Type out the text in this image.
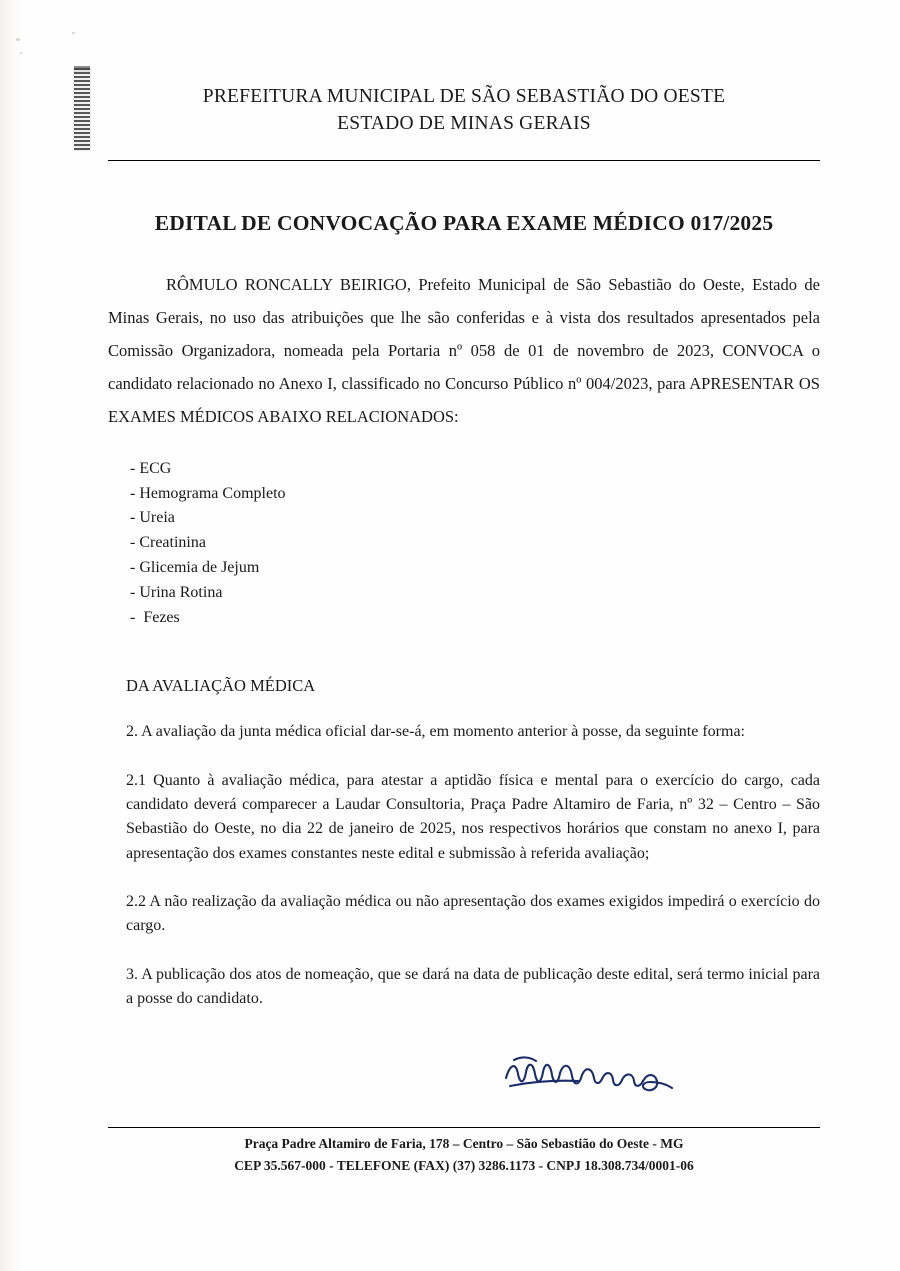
PREFEITURA MUNICIPAL DE SÃO SEBASTIÃO DO OESTE
ESTADO DE MINAS GERAIS
EDITAL DE CONVOCAÇÃO PARA EXAME MÉDICO 017/2025
RÔMULO RONCALLY BEIRIGO, Prefeito Municipal de São Sebastião do Oeste, Estado de Minas Gerais, no uso das atribuições que lhe são conferidas e à vista dos resultados apresentados pela Comissão Organizadora, nomeada pela Portaria nº 058 de 01 de novembro de 2023, CONVOCA o candidato relacionado no Anexo I, classificado no Concurso Público nº 004/2023, para APRESENTAR OS EXAMES MÉDICOS ABAIXO RELACIONADOS:
- ECG
- Hemograma Completo
- Ureia
- Creatinina
- Glicemia de Jejum
- Urina Rotina
-  Fezes
DA AVALIAÇÃO MÉDICA
2. A avaliação da junta médica oficial dar-se-á, em momento anterior à posse, da seguinte forma:
2.1 Quanto à avaliação médica, para atestar a aptidão física e mental para o exercício do cargo, cada candidato deverá comparecer a Laudar Consultoria, Praça Padre Altamiro de Faria, nº 32 – Centro – São Sebastião do Oeste, no dia 22 de janeiro de 2025, nos respectivos horários que constam no anexo I, para apresentação dos exames constantes neste edital e submissão à referida avaliação;
2.2 A não realização da avaliação médica ou não apresentação dos exames exigidos impedirá o exercício do cargo.
3. A publicação dos atos de nomeação, que se dará na data de publicação deste edital, será termo inicial para a posse do candidato.
Praça Padre Altamiro de Faria, 178 – Centro – São Sebastião do Oeste - MG
CEP 35.567-000 - TELEFONE (FAX) (37) 3286.1173 - CNPJ 18.308.734/0001-06
